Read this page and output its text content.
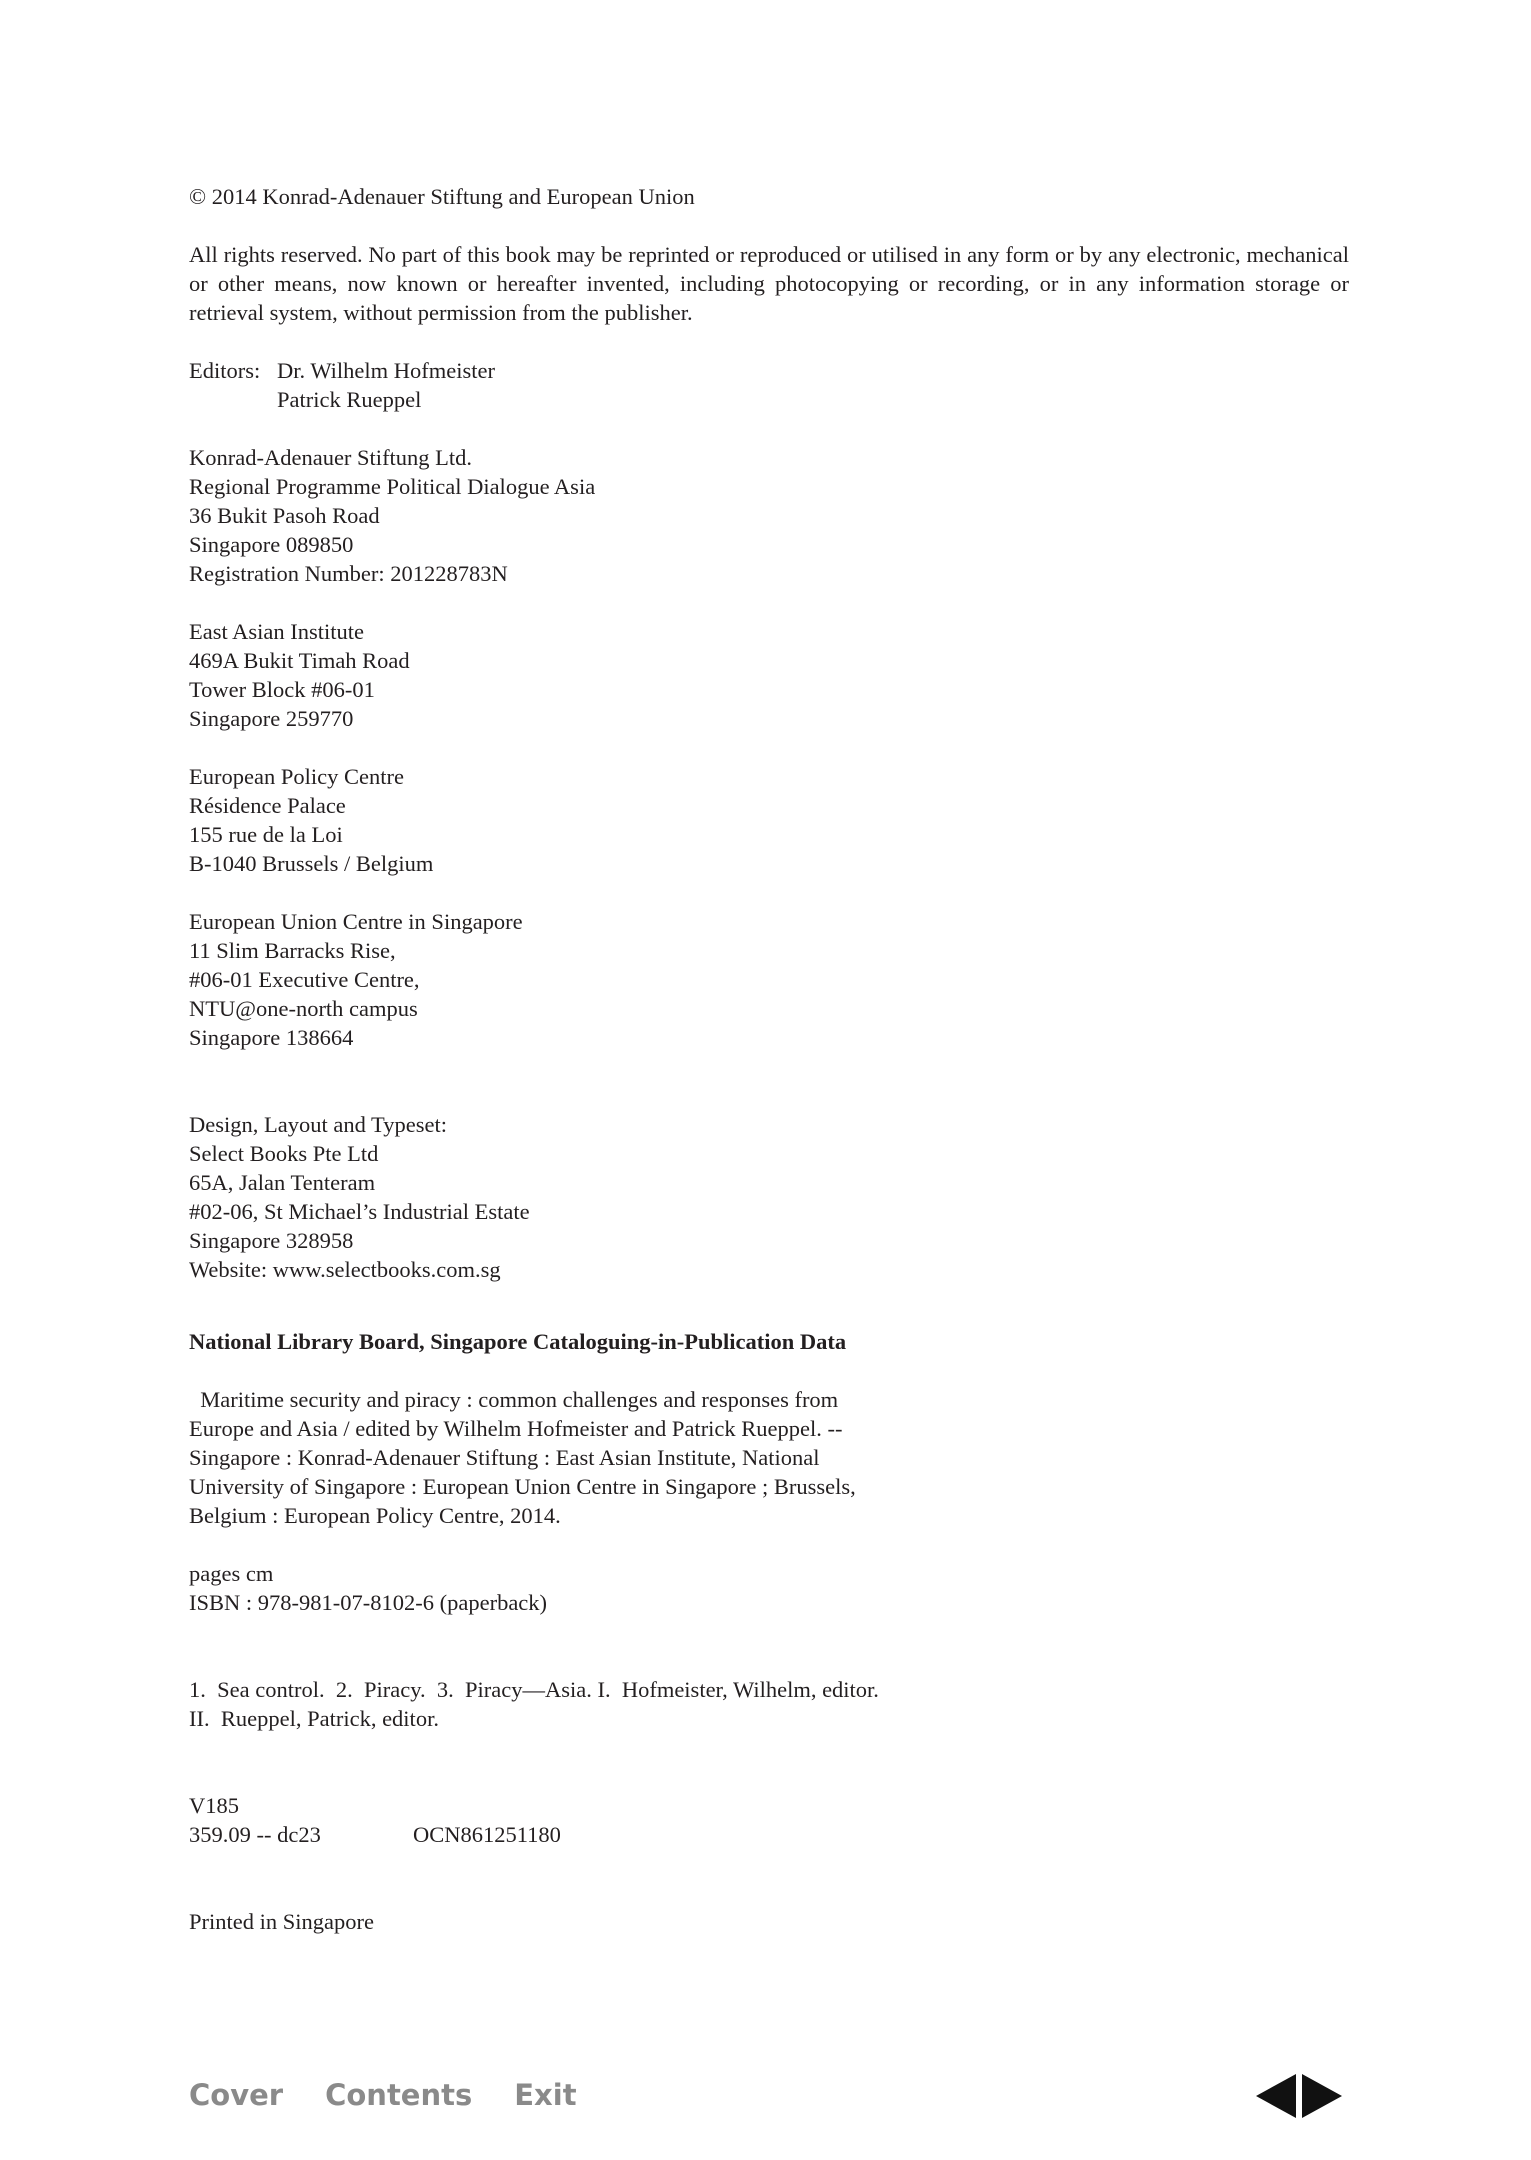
© 2014 Konrad-Adenauer Stiftung and European Union

All rights reserved. No part of this book may be reprinted or reproduced or utilised in any form or by any electronic, mechanical or other means, now known or hereafter invented, including photocopying or recording, or in any information storage or retrieval system, without permission from the publisher.

Editors: Dr. Wilhelm Hofmeister
Patrick Rueppel
Konrad-Adenauer Stiftung Ltd.
Regional Programme Political Dialogue Asia
36 Bukit Pasoh Road
Singapore 089850
Registration Number: 201228783N
East Asian Institute
469A Bukit Timah Road
Tower Block #06-01
Singapore 259770
European Policy Centre
Résidence Palace
155 rue de la Loi
B-1040 Brussels / Belgium
European Union Centre in Singapore
11 Slim Barracks Rise,
#06-01 Executive Centre,
NTU@one-north campus
Singapore 138664
Design, Layout and Typeset:
Select Books Pte Ltd
65A, Jalan Tenteram
#02-06, St Michael’s Industrial Estate
Singapore 328958
Website: www.selectbooks.com.sg
National Library Board, Singapore Cataloguing-in-Publication Data
Maritime security and piracy : common challenges and responses from
Europe and Asia / edited by Wilhelm Hofmeister and Patrick Rueppel. --
Singapore : Konrad-Adenauer Stiftung : East Asian Institute, National
University of Singapore : European Union Centre in Singapore ; Brussels,
Belgium : European Policy Centre, 2014.
pages cm
ISBN : 978-981-07-8102-6 (paperback)
1.  Sea control.  2.  Piracy.  3.  Piracy—Asia. I.  Hofmeister, Wilhelm, editor.
II.  Rueppel, Patrick, editor.
V185
359.09 -- dc23	OCN861251180
Printed in Singapore
Cover Contents Exit
